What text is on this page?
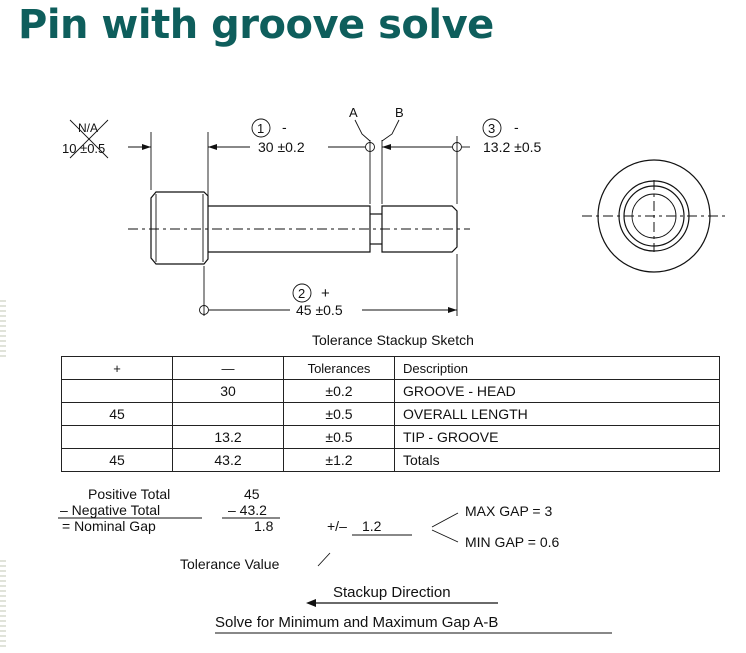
Pin with groove solve
A	B
N/A
10 ±0.5
1 -
30 ±0.2
3 -
13.2 ±0.5
2 +
45 ±0.5
Tolerance Stackup Sketch
Positive Total	45
– Negative Total	– 43.2
= Nominal Gap	1.8	+/– 1.2
Tolerance Value
MAX GAP = 3
MIN GAP = 0.6
Stackup Direction
Solve for Minimum and Maximum Gap A-B
+	—	Tolerances	Description
	30	±0.2	GROOVE - HEAD
45		±0.5	OVERALL LENGTH
	13.2	±0.5	TIP - GROOVE
45	43.2	±1.2	Totals
